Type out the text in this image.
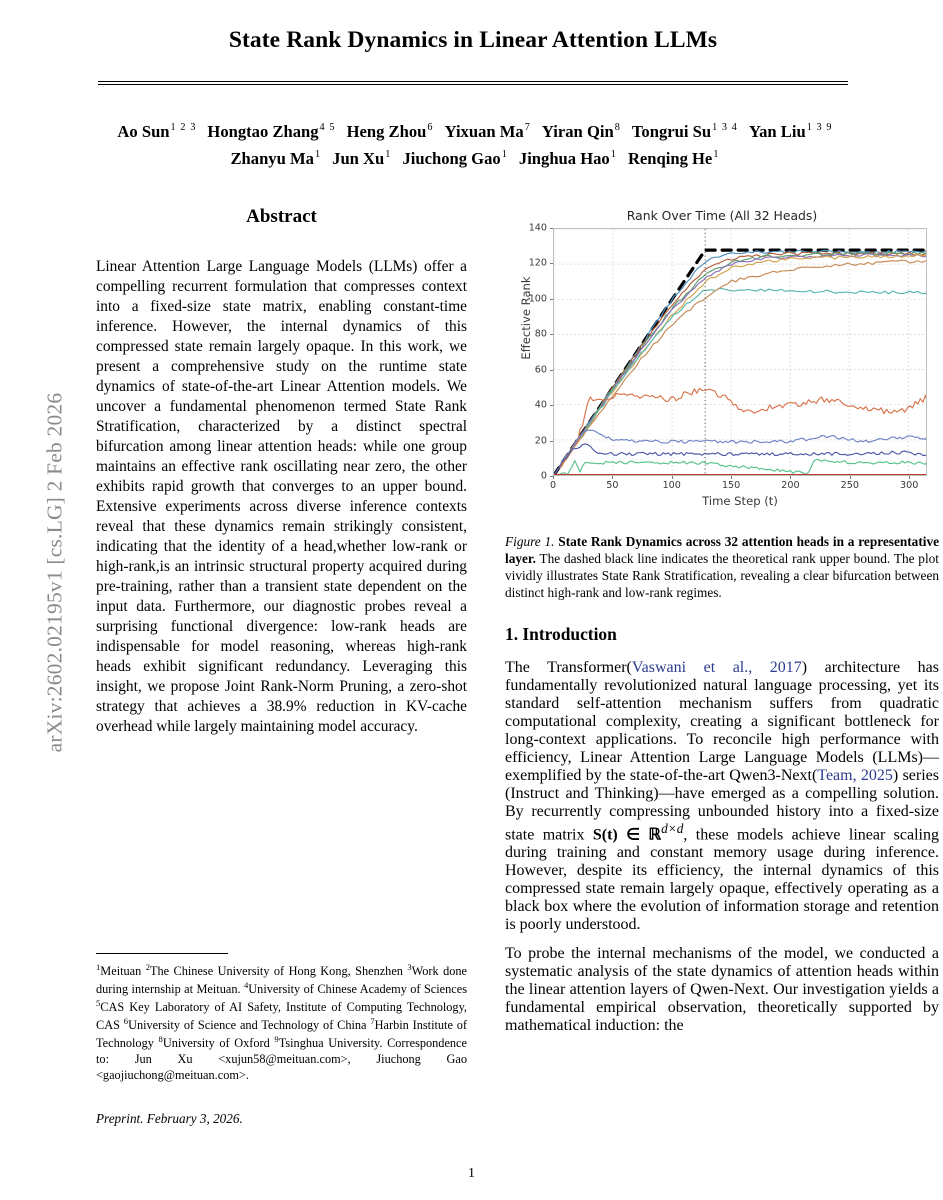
arXiv:2602.02195v1 [cs.LG] 2 Feb 2026
State Rank Dynamics in Linear Attention LLMs
Ao Sun$^{1 2 3}$ Hongtao Zhang$^{4 5}$ Heng Zhou$^6$ Yixuan Ma$^7$ Yiran Qin$^8$ Tongrui $Su^{1 3 4}$ Yan Liu$^{1 3 9}$
Zhanyu Ma$^1$ Jun Xu$^1$ Jiuchong Gao$^1$ Jinghua Hao$^1$ Renqing He$^1$
Abstract
Linear Attention Large Language Models (LLMs) offer a compelling recurrent formulation that compresses context into a fixed-size state matrix, enabling constant-time inference. However, the internal dynamics of this compressed state remain largely opaque. In this work, we present a comprehensive study on the runtime state dynamics of state-of-the-art Linear Attention models. We uncover a fundamental phenomenon termed State Rank Stratification, characterized by a distinct spectral bifurcation among linear attention heads: while one group maintains an effective rank oscillating near zero, the other exhibits rapid growth that converges to an upper bound. Extensive experiments across diverse inference contexts reveal that these dynamics remain strikingly consistent, indicating that the identity of a head,whether low-rank or high-rank,is an intrinsic structural property acquired during pre-training, rather than a transient state dependent on the input data. Furthermore, our diagnostic probes reveal a surprising functional divergence: low-rank heads are indispensable for model reasoning, whereas high-rank heads exhibit significant redundancy. Leveraging this insight, we propose Joint Rank-Norm Pruning, a zero-shot strategy that achieves a 38.9% reduction in KV-cache overhead while largely maintaining model accuracy.
Rank Over Time (All 32 Heads)
Effective Rank
Time Step (t)
0
20
40
60
80
100
120
140
0	50	100	150	200	250	300
Figure 1. State Rank Dynamics across 32 attention heads in a representative layer. The dashed black line indicates the theoretical rank upper bound. The plot vividly illustrates State Rank Stratification, revealing a clear bifurcation between distinct high-rank and low-rank regimes.
1. Introduction
The Transformer(Vaswani et al., 2017) architecture has fundamentally revolutionized natural language processing, yet its standard self-attention mechanism suffers from quadratic computational complexity, creating a significant bottleneck for long-context applications. To reconcile high performance with efficiency, Linear Attention Large Language Models (LLMs)—exemplified by the state-of-the-art Qwen3-Next(Team, 2025) series (Instruct and Thinking)—have emerged as a compelling solution. By recurrently compressing unbounded history into a fixed-size state matrix S(t) ∈ ℝ$^{d\times d}$, these models achieve linear scaling during training and constant memory usage during inference. However, despite its efficiency, the internal dynamics of this compressed state remain largely opaque, effectively operating as a black box where the evolution of information storage and retention is poorly understood.
To probe the internal mechanisms of the model, we conducted a systematic analysis of the state dynamics of attention heads within the linear attention layers of Qwen-Next. Our investigation yields a fundamental empirical observation, theoretically supported by mathematical induction: the
$^1$Meituan $^2$The Chinese University of Hong Kong, Shenzhen $^3$Work done during internship at Meituan. $^4$University of Chinese Academy of Sciences $^5$CAS Key Laboratory of AI Safety, Institute of Computing Technology, CAS $^6$University of Science and Technology of China $^7$Harbin Institute of Technology $^8$University of Oxford $^9$Tsinghua University. Correspondence to: Jun Xu <xujun58@meituan.com>, Jiuchong Gao <gaojiuchong@meituan.com>.
Preprint. February 3, 2026.
1
